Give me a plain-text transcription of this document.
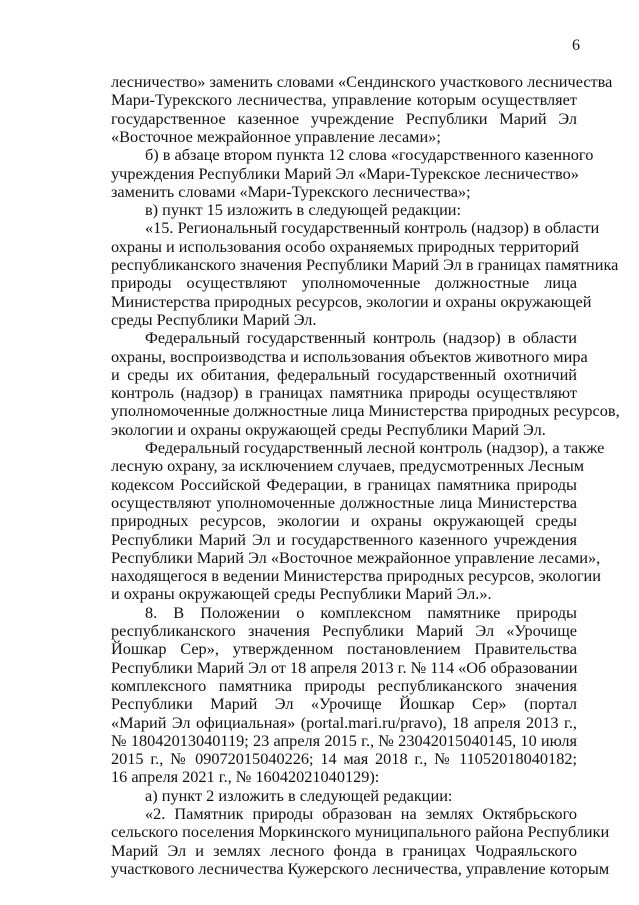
6
лесничество» заменить словами «Сендинского участкового лесничества
Мари-Турекского лесничества, управление которым осуществляет
государственное казенное учреждение Республики Марий Эл
«Восточное межрайонное управление лесами»;
б) в абзаце втором пункта 12 слова «государственного казенного
учреждения Республики Марий Эл «Мари-Турекское лесничество»
заменить словами «Мари-Турекского лесничества»;
в) пункт 15 изложить в следующей редакции:
«15. Региональный государственный контроль (надзор) в области
охраны и использования особо охраняемых природных территорий
республиканского значения Республики Марий Эл в границах памятника
природы осуществляют уполномоченные должностные лица
Министерства природных ресурсов, экологии и охраны окружающей
среды Республики Марий Эл.
Федеральный государственный контроль (надзор) в области
охраны, воспроизводства и использования объектов животного мира
и среды их обитания, федеральный государственный охотничий
контроль (надзор) в границах памятника природы осуществляют
уполномоченные должностные лица Министерства природных ресурсов,
экологии и охраны окружающей среды Республики Марий Эл.
Федеральный государственный лесной контроль (надзор), а также
лесную охрану, за исключением случаев, предусмотренных Лесным
кодексом Российской Федерации, в границах памятника природы
осуществляют уполномоченные должностные лица Министерства
природных ресурсов, экологии и охраны окружающей среды
Республики Марий Эл и государственного казенного учреждения
Республики Марий Эл «Восточное межрайонное управление лесами»,
находящегося в ведении Министерства природных ресурсов, экологии
и охраны окружающей среды Республики Марий Эл.».
8. В Положении о комплексном памятнике природы
республиканского значения Республики Марий Эл «Урочище
Йошкар Сер», утвержденном постановлением Правительства
Республики Марий Эл от 18 апреля 2013 г. № 114 «Об образовании
комплексного памятника природы республиканского значения
Республики Марий Эл «Урочище Йошкар Сер» (портал
«Марий Эл официальная» (portal.mari.ru/pravo), 18 апреля 2013 г.,
№ 18042013040119; 23 апреля 2015 г., № 23042015040145, 10 июля
2015 г., № 09072015040226; 14 мая 2018 г., № 11052018040182;
16 апреля 2021 г., № 16042021040129):
а) пункт 2 изложить в следующей редакции:
«2. Памятник природы образован на землях Октябрьского
сельского поселения Моркинского муниципального района Республики
Марий Эл и землях лесного фонда в границах Чодраяльского
участкового лесничества Кужерского лесничества, управление которым
